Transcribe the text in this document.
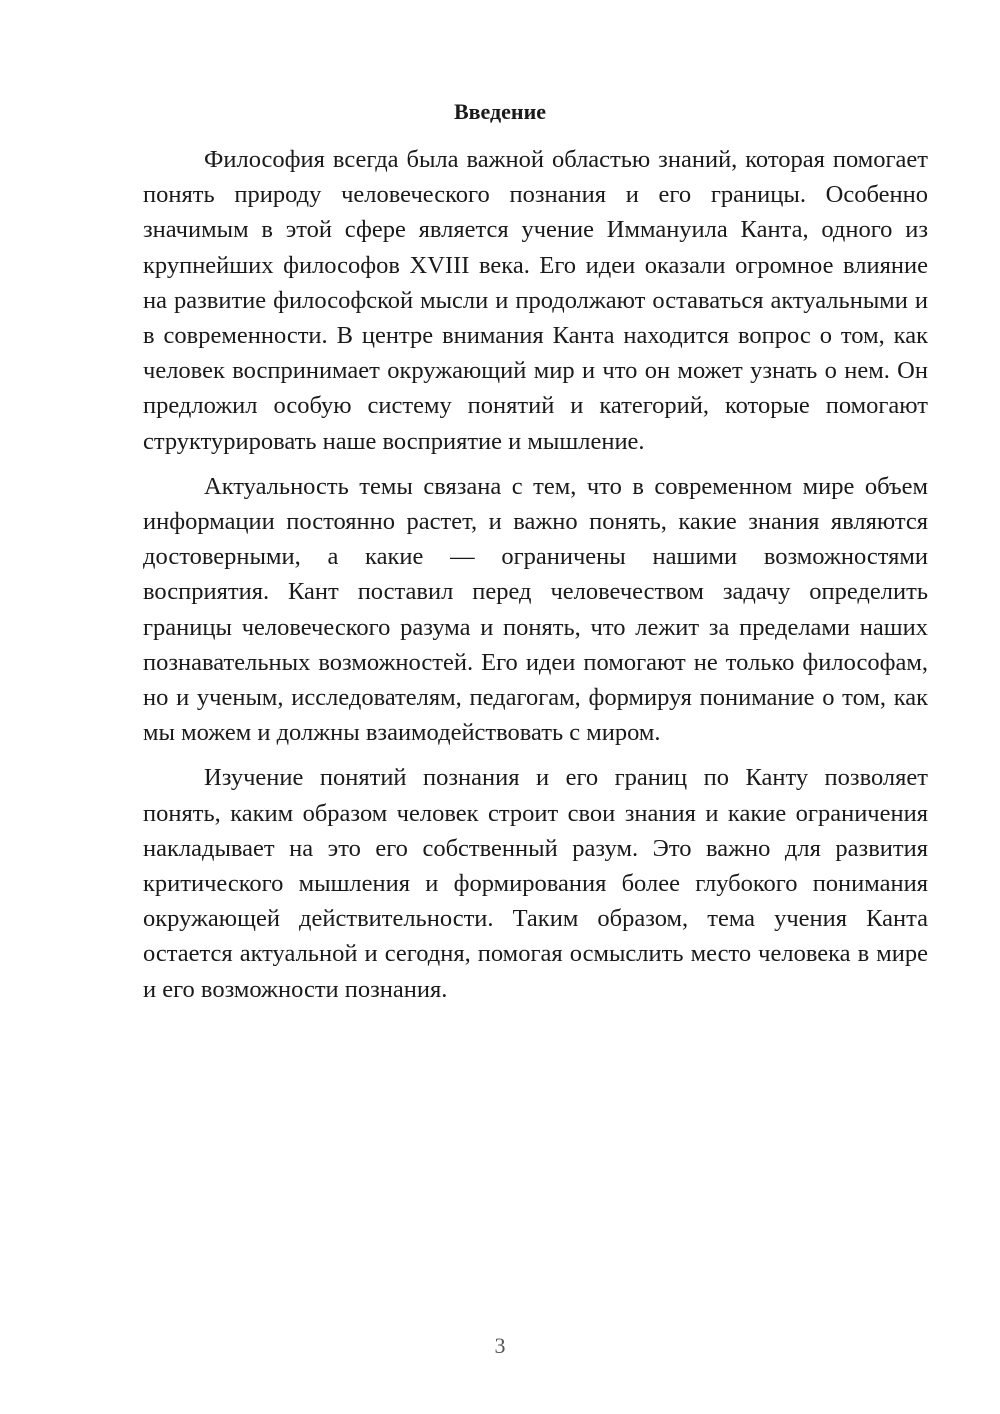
Введение

Философия всегда была важной областью знаний, которая помогает понять природу человеческого познания и его границы. Особенно значимым в этой сфере является учение Иммануила Канта, одного из крупнейших философов XVIII века. Его идеи оказали огромное влияние на развитие философской мысли и продолжают оставаться актуальными и в современности. В центре внимания Канта находится вопрос о том, как человек воспринимает окружающий мир и что он может узнать о нем. Он предложил особую систему понятий и категорий, которые помогают структурировать наше восприятие и мышление.

Актуальность темы связана с тем, что в современном мире объем информации постоянно растет, и важно понять, какие знания являются достоверными, а какие — ограничены нашими возможностями восприятия. Кант поставил перед человечеством задачу определить границы человеческого разума и понять, что лежит за пределами наших познавательных возможностей. Его идеи помогают не только философам, но и ученым, исследователям, педагогам, формируя понимание о том, как мы можем и должны взаимодействовать с миром.

Изучение понятий познания и его границ по Канту позволяет понять, каким образом человек строит свои знания и какие ограничения накладывает на это его собственный разум. Это важно для развития критического мышления и формирования более глубокого понимания окружающей действительности. Таким образом, тема учения Канта остается актуальной и сегодня, помогая осмыслить место человека в мире и его возможности познания.

3
